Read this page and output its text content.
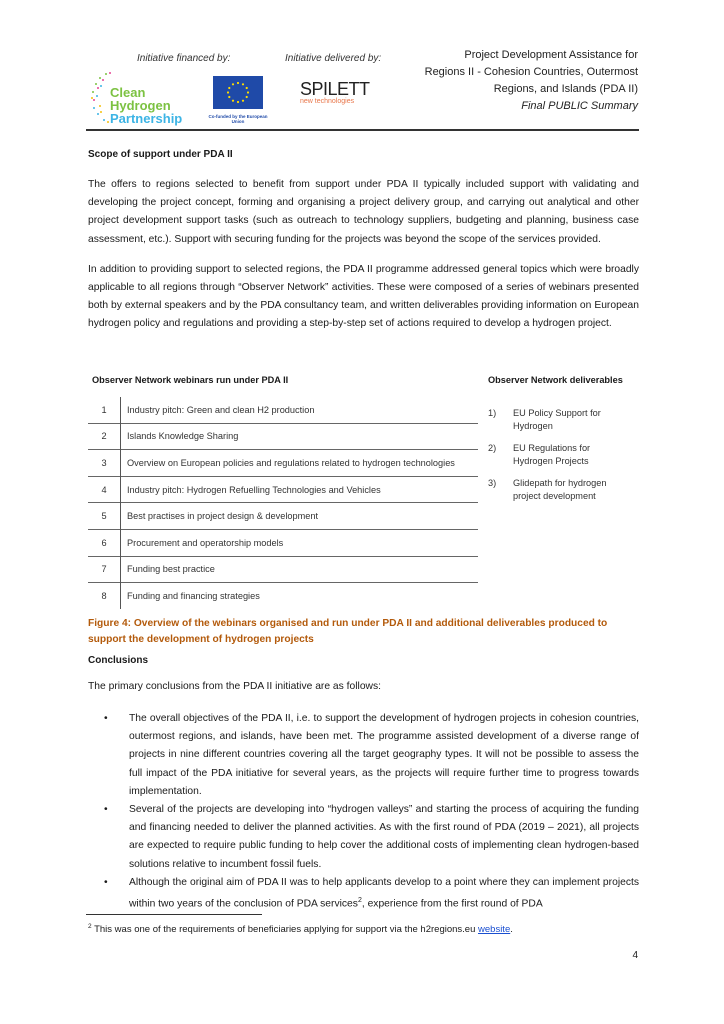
Initiative financed by:	Initiative delivered by:
Clean Hydrogen
Partnership	Co-funded by the European Union
SPILETT
new technologies
Project Development Assistance for
Regions II - Cohesion Countries, Outermost
Regions, and Islands (PDA II)
Final PUBLIC Summary
Scope of support under PDA II

The offers to regions selected to benefit from support under PDA II typically included support with validating and developing the project concept, forming and organising a project delivery group, and carrying out analytical and other project development support tasks (such as outreach to technology suppliers, budgeting and planning, business case assessment, etc.). Support with securing funding for the projects was beyond the scope of the services provided.

In addition to providing support to selected regions, the PDA II programme addressed general topics which were broadly applicable to all regions through “Observer Network” activities. These were composed of a series of webinars presented both by external speakers and by the PDA consultancy team, and written deliverables providing information on European hydrogen policy and regulations and providing a step-by-step set of actions required to develop a hydrogen project.

Observer Network webinars run under PDA II
1	Industry pitch: Green and clean H2 production
2	Islands Knowledge Sharing
3	Overview on European policies and regulations related to hydrogen technologies
4	Industry pitch: Hydrogen Refuelling Technologies and Vehicles
5	Best practises in project design & development
6	Procurement and operatorship models
7	Funding best practice
8	Funding and financing strategies
Observer Network deliverables
1)	EU Policy Support for Hydrogen
2)	EU Regulations for Hydrogen Projects
3)	Glidepath for hydrogen project development
Figure 4: Overview of the webinars organised and run under PDA II and additional deliverables produced to support the development of hydrogen projects
Conclusions
The primary conclusions from the PDA II initiative are as follows:
• The overall objectives of the PDA II, i.e. to support the development of hydrogen projects in cohesion countries, outermost regions, and islands, have been met. The programme assisted development of a diverse range of projects in nine different countries covering all the target geography types. It will not be possible to assess the full impact of the PDA initiative for several years, as the projects will require further time to progress towards implementation.
• Several of the projects are developing into “hydrogen valleys” and starting the process of acquiring the funding and financing needed to deliver the planned activities. As with the first round of PDA (2019 – 2021), all projects are expected to require public funding to help cover the additional costs of implementing clean hydrogen-based solutions relative to incumbent fossil fuels.
• Although the original aim of PDA II was to help applicants develop to a point where they can implement projects within two years of the conclusion of PDA services$^2$, experience from the first round of PDA
$^2$ This was one of the requirements of beneficiaries applying for support via the h2regions.eu website.
4
